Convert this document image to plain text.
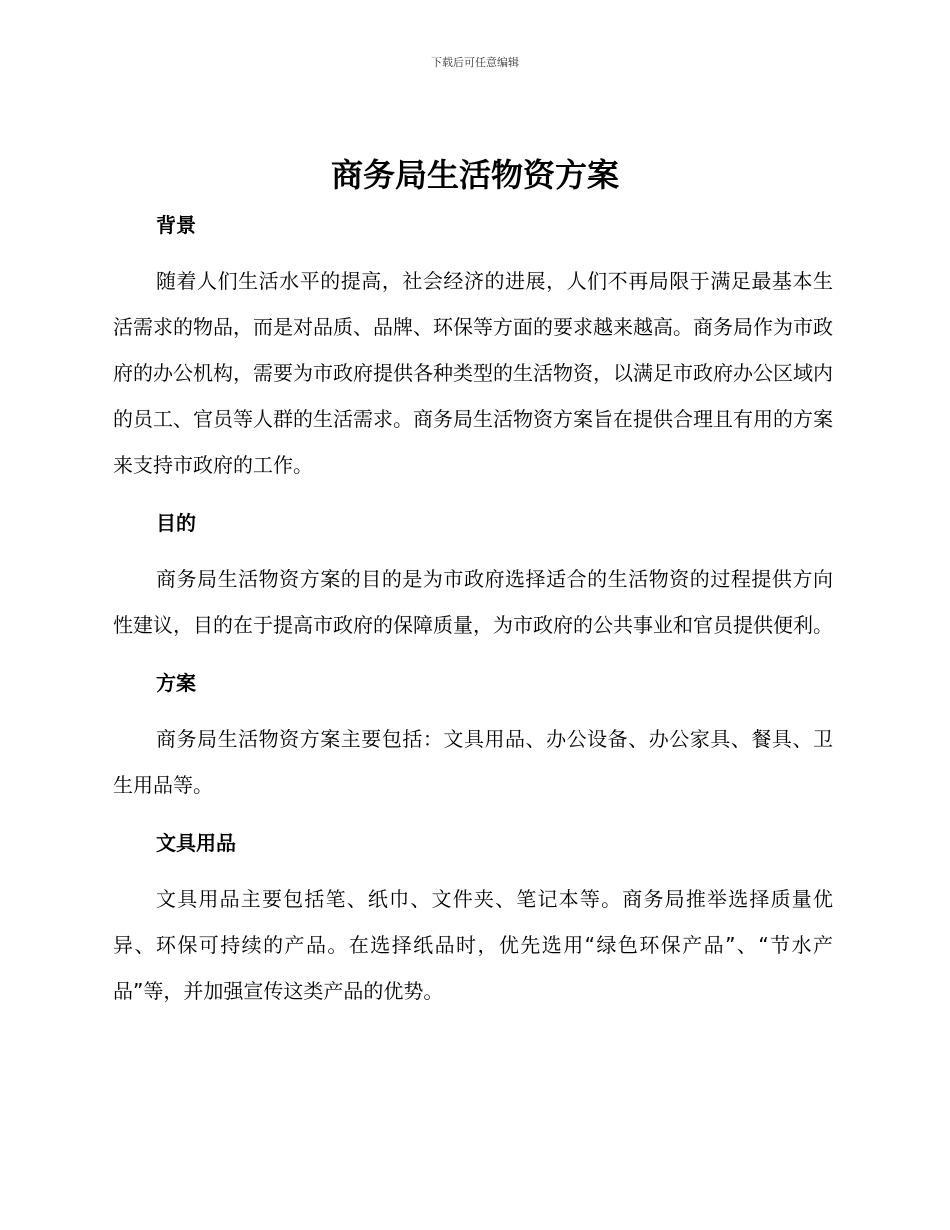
下载后可任意编辑
商务局生活物资方案

背景

随着人们生活水平的提高，社会经济的进展，人们不再局限于满足最基本生活需求的物品，而是对品质、品牌、环保等方面的要求越来越高。商务局作为市政府的办公机构，需要为市政府提供各种类型的生活物资，以满足市政府办公区域内的员工、官员等人群的生活需求。商务局生活物资方案旨在提供合理且有用的方案来支持市政府的工作。

目的

商务局生活物资方案的目的是为市政府选择适合的生活物资的过程提供方向性建议，目的在于提高市政府的保障质量，为市政府的公共事业和官员提供便利。

方案

商务局生活物资方案主要包括：文具用品、办公设备、办公家具、餐具、卫生用品等。

文具用品

文具用品主要包括笔、纸巾、文件夹、笔记本等。商务局推举选择质量优异、环保可持续的产品。在选择纸品时，优先选用“绿色环保产品”、“节水产品”等，并加强宣传这类产品的优势。
